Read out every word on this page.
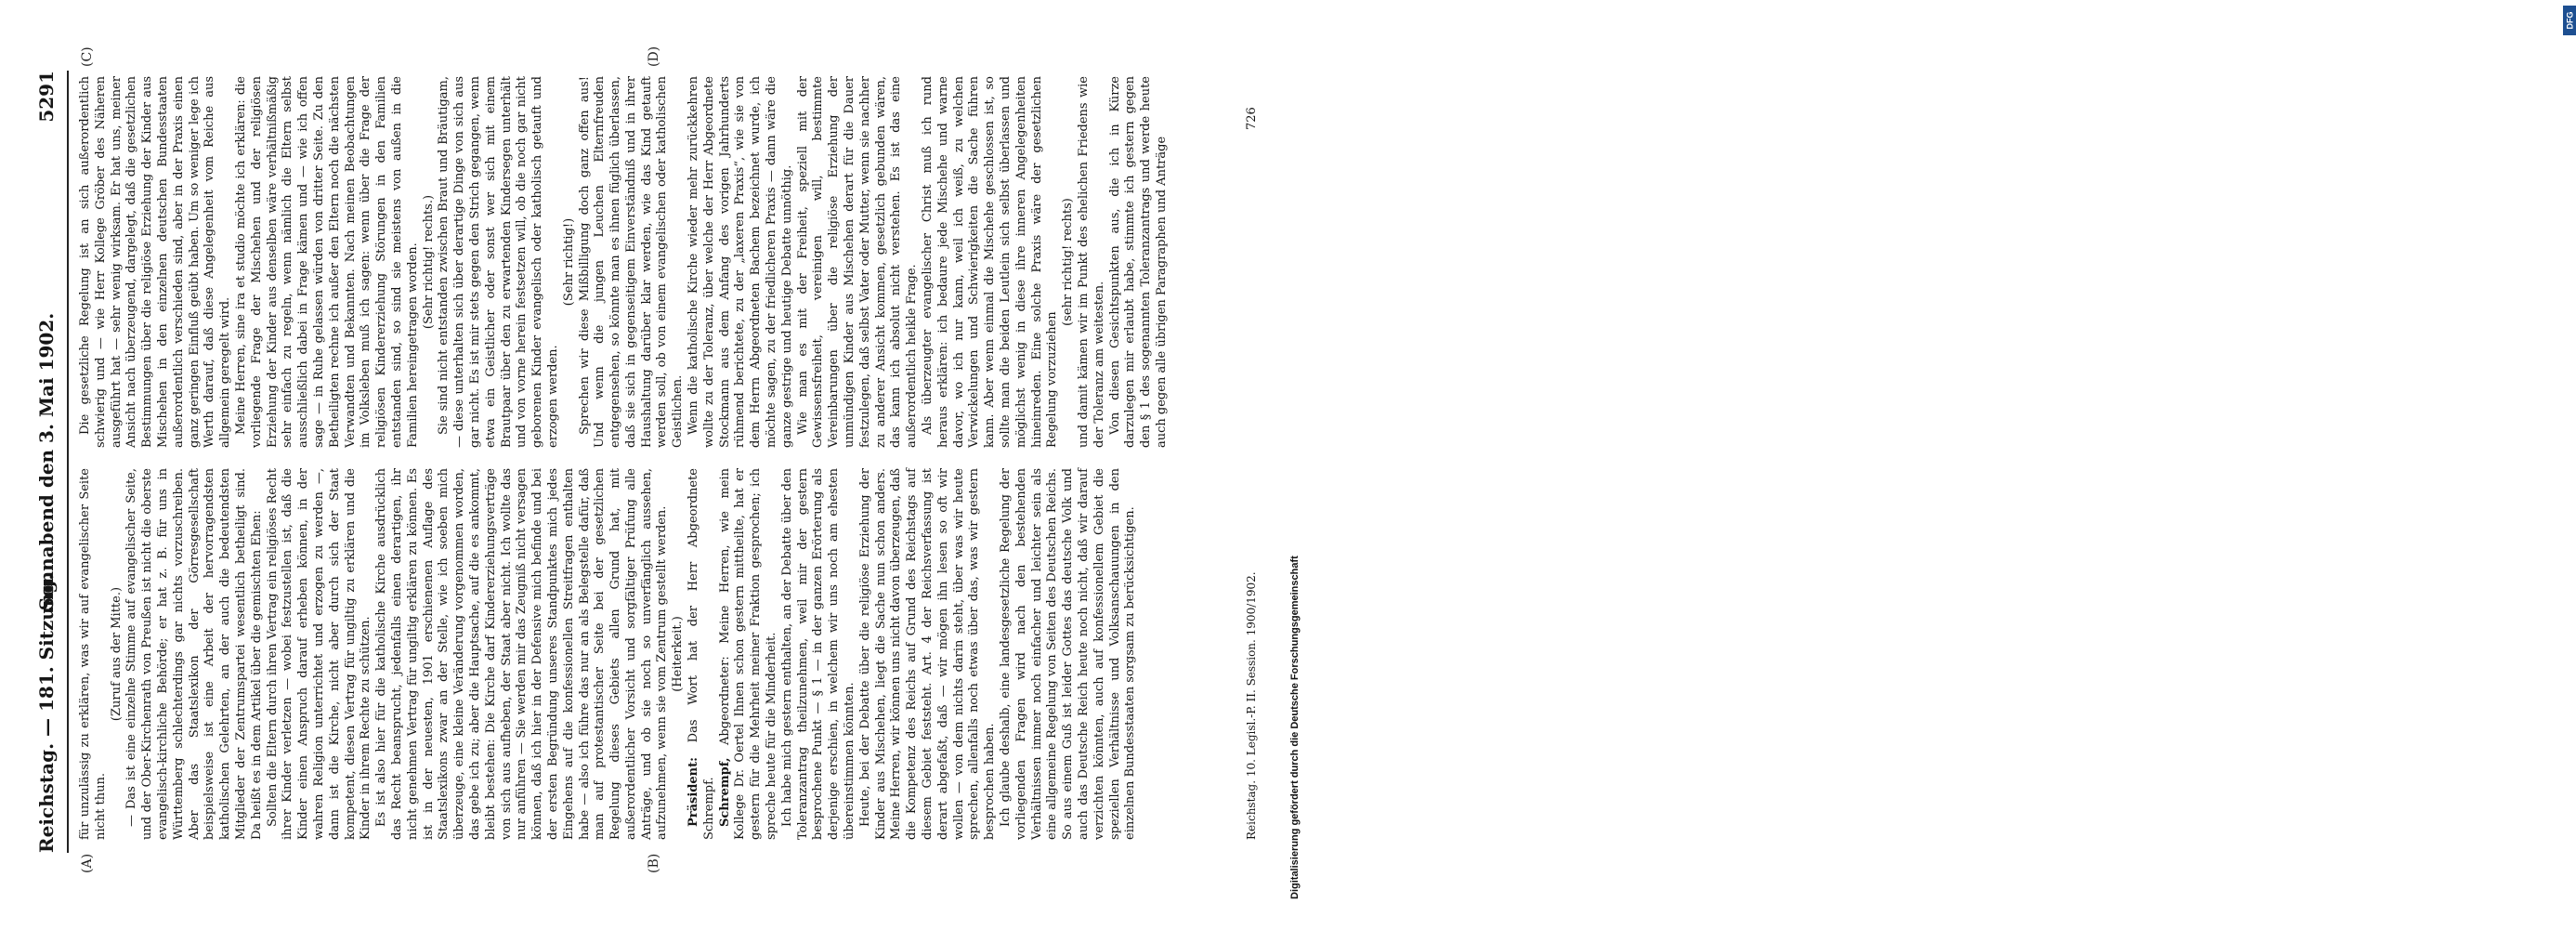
Reichstag. — 181. Sitzung.
Sonnabend den 3. Mai 1902.
5291
(A)	(B)
(C)	(D)

für unzulässig zu erklären, was wir auf evangelischer Seite nicht thun.

(Zuruf aus der Mitte.) — Das ist eine einzelne Stimme auf evangelischer Seite, und der Ober-Kirchenrath von Preußen ist nicht die oberste evangelisch-kirchliche Behörde; er hat z. B. für uns in Württemberg schlechterdings gar nichts vorzuschreiben. Aber das Staatslexikon der Görresgesellschaft beispielsweise ist eine Arbeit der hervorragendsten katholischen Gelehrten, an der auch die bedeutendsten Mitglieder der Zentrumspartei wesentlich betheiligt sind. Da heißt es in dem Artikel über die gemischten Ehen: Sollten die Eltern durch ihren Vertrag ein religiöses Recht ihrer Kinder verletzen — wobei festzustellen ist, daß die Kinder einen Anspruch darauf erheben können, in der wahren Religion unterrichtet und erzogen zu werden —, dann ist die Kirche, nicht aber durch sich der Staat kompetent, diesen Vertrag für ungiltig zu erklären und die Kinder in ihrem Rechte zu schützen. Es ist also hier für die katholische Kirche ausdrücklich das Recht beansprucht, jedenfalls einen derartigen, ihr nicht genehmen Vertrag für ungiltig erklären zu können. Es ist in der neuesten, 1901 erschienenen Auflage des Staatslexikons zwar an der Stelle, wie ich soeben mich überzeuge, eine kleine Veränderung vorgenommen worden, das gebe ich zu; aber die Hauptsache, auf die es ankommt, bleibt bestehen: Die Kirche darf Kindererziehungsverträge von sich aus aufheben, der Staat aber nicht. Ich wollte das nur anführen — Sie werden mir das Zeugniß nicht versagen können, daß ich hier in der Defensive mich befinde und bei der ersten Begründung unseres Standpunktes mich jedes Eingehens auf die konfessionellen Streitfragen enthalten habe — also ich führe das nur an als Belegstelle dafür, daß man auf protestantischer Seite bei der gesetzlichen Regelung dieses Gebiets allen Grund hat, mit außerordentlicher Vorsicht und sorgfältiger Prüfung alle Anträge, und ob sie noch so unverfänglich aussehen, aufzunehmen, wenn sie vom Zentrum gestellt werden. (Heiterkeit.)

Präsident: Das Wort hat der Herr Abgeordnete Schrempf. Schrempf, Abgeordneter: Meine Herren, wie mein Kollege Dr. Oertel Ihnen schon gestern mittheilte, hat er gestern für die Mehrheit meiner Fraktion gesprochen; ich spreche heute für die Minderheit. Ich habe mich gestern enthalten, an der Debatte über den Toleranzantrag theilzunehmen, weil mir der gestern besprochene Punkt — § 1 — in der ganzen Erörterung als derjenige erschien, in welchem wir uns noch am ehesten übereinstimmen könnten. Heute, bei der Debatte über die religiöse Erziehung der Kinder aus Mischehen, liegt die Sache nun schon anders. Meine Herren, wir können uns nicht davon überzeugen, daß die Kompetenz des Reichs auf Grund des Reichstags auf diesem Gebiet feststeht. Art. 4 der Reichsverfassung ist derart abgefaßt, daß — wir mögen ihn lesen so oft wir wollen — von dem nichts darin steht, über was wir heute sprechen, allenfalls noch etwas über das, was wir gestern besprochen haben. Ich glaube deshalb, eine landesgesetzliche Regelung der vorliegenden Fragen wird nach den bestehenden Verhältnissen immer noch einfacher und leichter sein als eine allgemeine Regelung von Seiten des Deutschen Reichs. So aus einem Guß ist leider Gottes das deutsche Volk und auch das Deutsche Reich heute noch nicht, daß wir darauf verzichten könnten, auch auf konfessionellem Gebiet die speziellen Verhältnisse und Volksanschauungen in den einzelnen Bundesstaaten sorgsam zu berücksichtigen.

Die gesetzliche Regelung ist an sich außerordentlich schwierig und — wie Herr Kollege Gröber des Näheren ausgeführt hat — sehr wenig wirksam. Er hat uns, meiner Ansicht nach überzeugend, dargelegt, daß die gesetzlichen Bestimmungen über die religiöse Erziehung der Kinder aus Mischehen in den einzelnen deutschen Bundesstaaten außerordentlich verschieden sind, aber in der Praxis einen ganz geringen Einfluß geübt haben. Um so weniger lege ich Werth darauf, daß diese Angelegenheit vom Reiche aus allgemein geregelt wird. Meine Herren, sine ira et studio möchte ich erklären: die vorliegende Frage der Mischehen und der religiösen Erziehung der Kinder aus denselben wäre verhältnißmäßig sehr einfach zu regeln, wenn nämlich die Eltern selbst ausschließlich dabei in Frage kämen und — wie ich offen sage — in Ruhe gelassen würden von dritter Seite. Zu den Betheiligten rechne ich außer den Eltern noch die nächsten Verwandten und Bekannten. Nach meinen Beobachtungen im Volksleben muß ich sagen: wenn über die Frage der religiösen Kindererziehung Störungen in den Familien entstanden sind, so sind sie meistens von außen in die Familien hereingetragen worden. (Sehr richtig! rechts.) Sie sind nicht entstanden zwischen Braut und Bräutigam, — diese unterhalten sich über derartige Dinge von sich aus gar nicht. Es ist mir stets gegen den Strich gegangen, wenn etwa ein Geistlicher oder sonst wer sich mit einem Brautpaar über den zu erwartenden Kindersegen unterhält und von vorne herein festsetzen will, ob die noch gar nicht geborenen Kinder evangelisch oder katholisch getauft und erzogen werden.

(Sehr richtig!) Sprechen wir diese Mißbilligung doch ganz offen aus! Und wenn die jungen Leuchen Elternfreuden entgegensehen, so könnte man es ihnen füglich überlassen, daß sie sich in gegenseitigem Einverständniß und in ihrer Haushaltung darüber klar werden, wie das Kind getauft werden soll, ob von einem evangelischen oder katholischen Geistlichen. Wenn die katholische Kirche wieder mehr zurückkehren wollte zu der Toleranz, über welche der Herr Abgeordnete Stockmann aus dem Anfang des vorigen Jahrhunderts rühmend berichtete, zu der „laxeren Praxis“, wie sie von dem Herrn Abgeordneten Bachem bezeichnet wurde, ich möchte sagen, zu der friedlicheren Praxis — dann wäre die ganze gestrige und heutige Debatte unnöthig. Wie man es mit der Freiheit, speziell mit der Gewissensfreiheit, vereinigen will, bestimmte Vereinbarungen über die religiöse Erziehung der unmündigen Kinder aus Mischehen derart für die Dauer festzulegen, daß selbst Vater oder Mutter, wenn sie nachher zu anderer Ansicht kommen, gesetzlich gebunden wären, das kann ich absolut nicht verstehen. Es ist das eine außerordentlich heikle Frage. Als überzeugter evangelischer Christ muß ich rund heraus erklären: ich bedaure jede Mischehe und warne davor, wo ich nur kann, weil ich weiß, zu welchen Verwickelungen und Schwierigkeiten die Sache führen kann. Aber wenn einmal die Mischehe geschlossen ist, so sollte man die beiden Leutlein sich selbst überlassen und möglichst wenig in diese ihre inneren Angelegenheiten hineinreden. Eine solche Praxis wäre der gesetzlichen Regelung vorzuziehen

(sehr richtig! rechts) und damit kämen wir im Punkt des ehelichen Friedens wie der Toleranz am weitesten. Von diesen Gesichtspunkten aus, die ich in Kürze darzulegen mir erlaubt habe, stimmte ich gestern gegen den § 1 des sogenannten Toleranzantrags und werde heute auch gegen alle übrigen Paragraphen und Anträge

Reichstag. 10. Legisl.-P. II. Session. 1900/1902.
726
DFG
Digitalisierung gefördert durch die Deutsche Forschungsgemeinschaft
